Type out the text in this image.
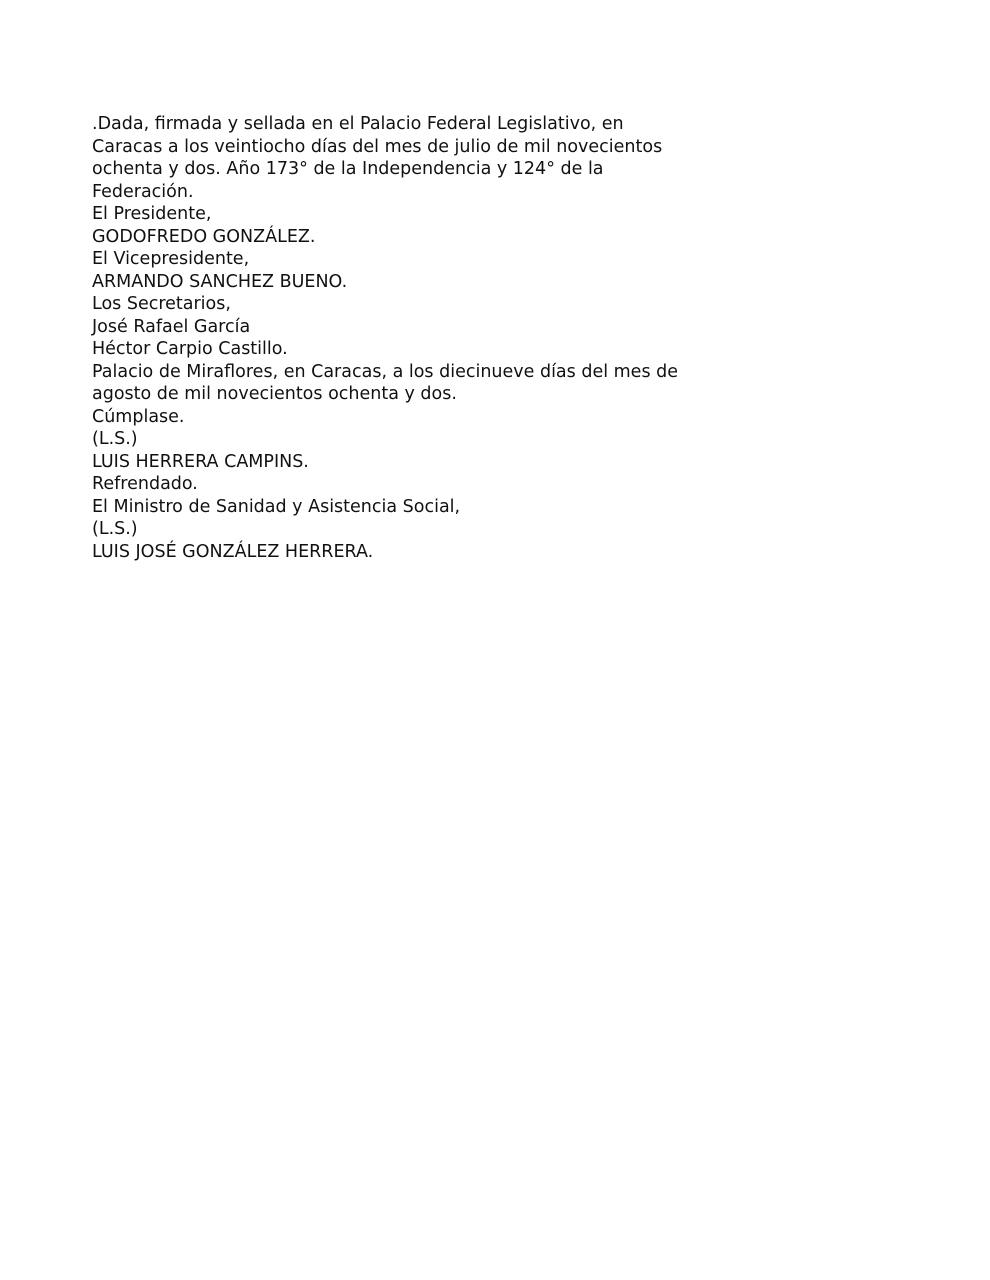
.Dada, firmada y sellada en el Palacio Federal Legislativo, en
Caracas a los veintiocho días del mes de julio de mil novecientos
ochenta y dos. Año 173° de la Independencia y 124° de la
Federación.
El Presidente,
GODOFREDO GONZÁLEZ.
El Vicepresidente,
ARMANDO SANCHEZ BUENO.
Los Secretarios,
José Rafael García
Héctor Carpio Castillo.
Palacio de Miraflores, en Caracas, a los diecinueve días del mes de
agosto de mil novecientos ochenta y dos.
Cúmplase.
(L.S.)
LUIS HERRERA CAMPINS.
Refrendado.
El Ministro de Sanidad y Asistencia Social,
(L.S.)
LUIS JOSÉ GONZÁLEZ HERRERA.
